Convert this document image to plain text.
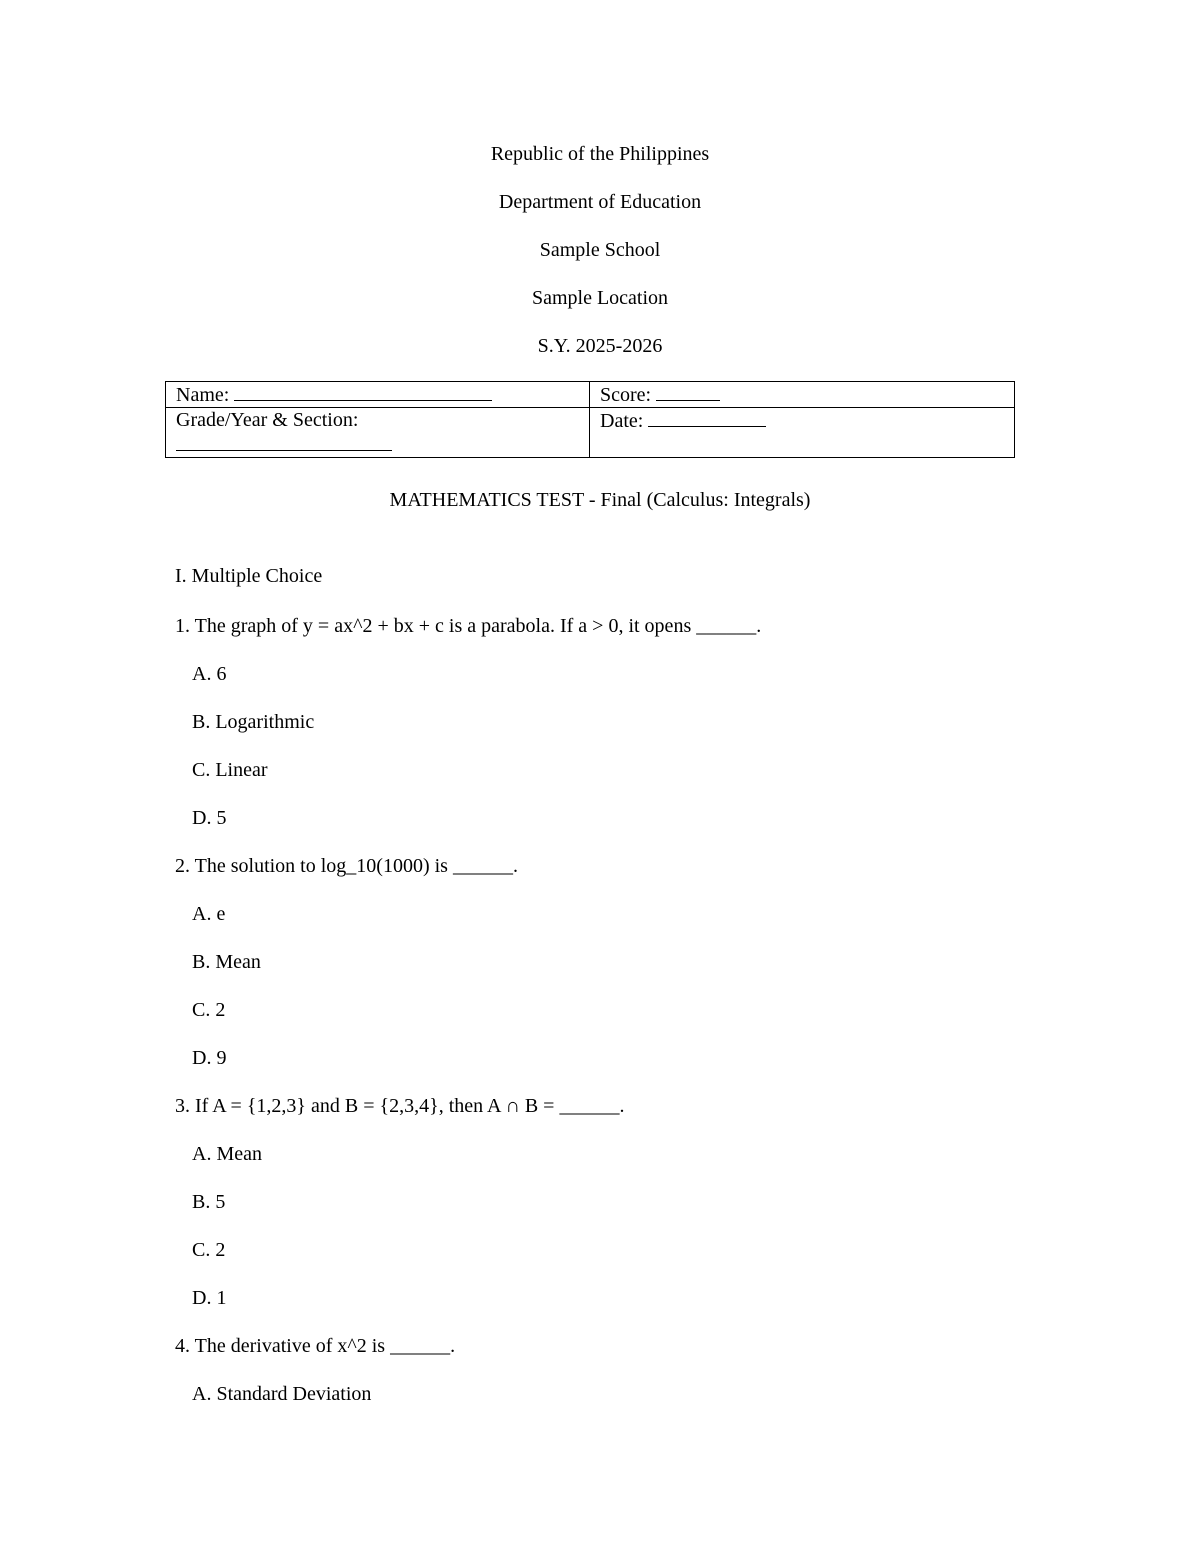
Republic of the Philippines
Department of Education
Sample School
Sample Location
S.Y. 2025-2026
Name:	Score:
Grade/Year & Section:	Date:
MATHEMATICS TEST - Final (Calculus: Integrals)
I. Multiple Choice
1. The graph of y = ax^2 + bx + c is a parabola. If a > 0, it opens ______.
A. 6
B. Logarithmic
C. Linear
D. 5
2. The solution to log_10(1000) is ______.
A. e
B. Mean
C. 2
D. 9
3. If A = {1,2,3} and B = {2,3,4}, then A ∩ B = ______.
A. Mean
B. 5
C. 2
D. 1
4. The derivative of x^2 is ______.
A. Standard Deviation
